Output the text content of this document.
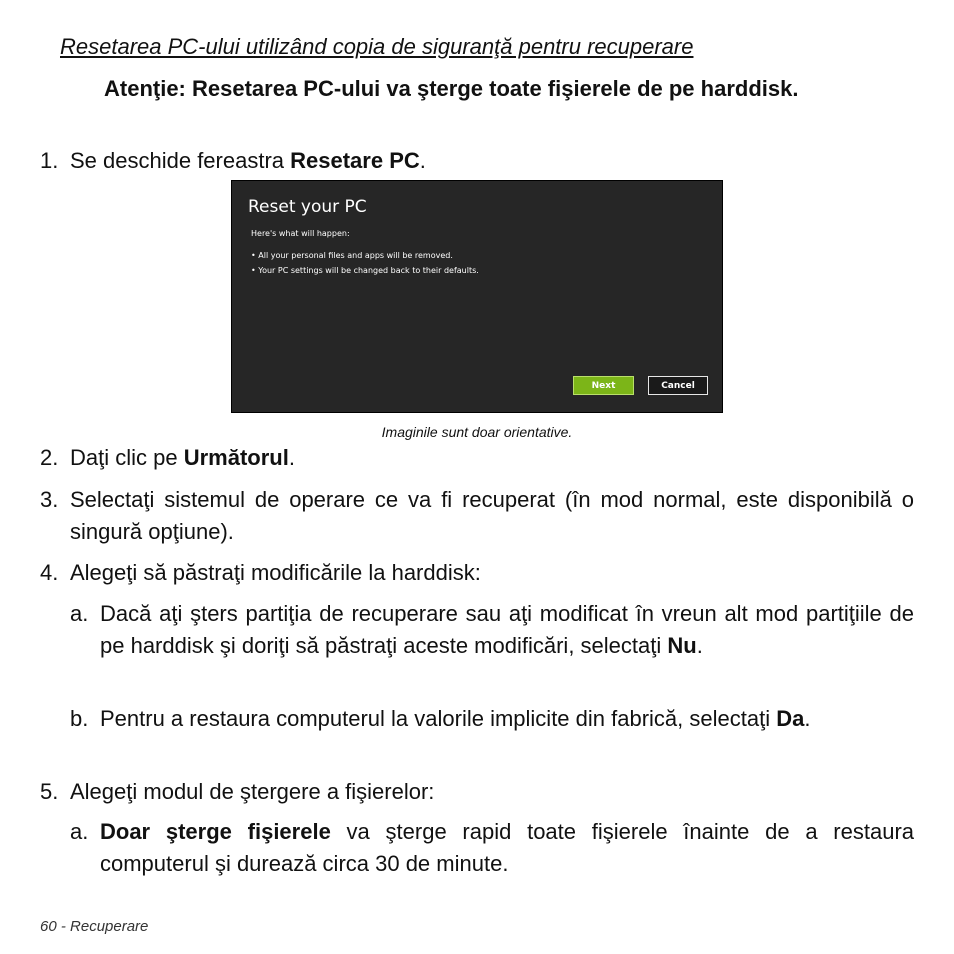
Resetarea PC-ului utilizând copia de siguranţă pentru recuperare
Atenţie: Resetarea PC-ului va şterge toate fişierele de pe harddisk.
1. Se deschide fereastra Resetare PC.
Reset your PC
Here's what will happen:
• All your personal files and apps will be removed.
• Your PC settings will be changed back to their defaults.
Next	Cancel
Imaginile sunt doar orientative.
2. Daţi clic pe Următorul.
3. Selectaţi sistemul de operare ce va fi recuperat (în mod normal, este disponibilă o singură opţiune).
4. Alegeţi să păstraţi modificările la harddisk:
a. Dacă aţi şters partiţia de recuperare sau aţi modificat în vreun alt mod partiţiile de pe harddisk şi doriţi să păstraţi aceste modificări, selectaţi Nu.
b. Pentru a restaura computerul la valorile implicite din fabrică, selectaţi Da.
5. Alegeţi modul de ştergere a fişierelor:
a. Doar şterge fişierele va şterge rapid toate fişierele înainte de a restaura computerul şi durează circa 30 de minute.
60 - Recuperare
